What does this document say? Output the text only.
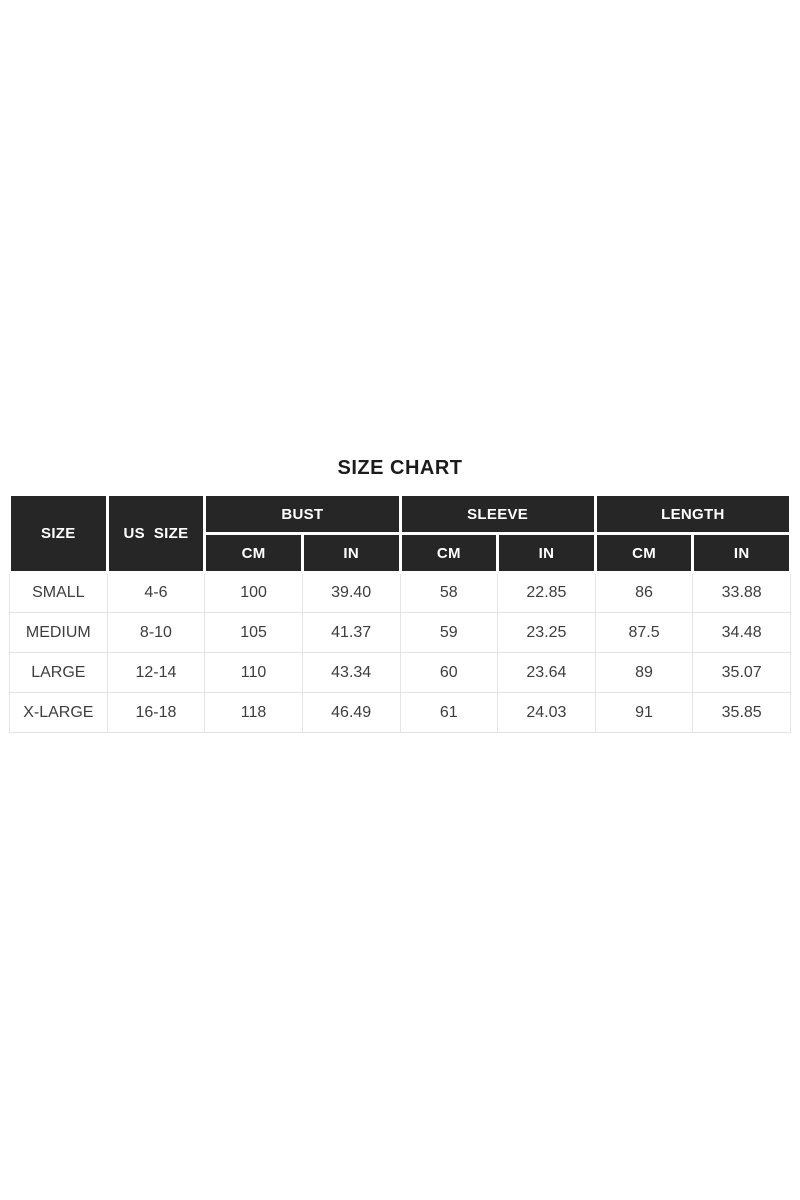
SIZE CHART
SIZE	US  SIZE	BUST		SLEEVE		LENGTH	
		CM	IN	CM	IN	CM	IN
SMALL	4-6	100	39.40	58	22.85	86	33.88
MEDIUM	8-10	105	41.37	59	23.25	87.5	34.48
LARGE	12-14	110	43.34	60	23.64	89	35.07
X-LARGE	16-18	118	46.49	61	24.03	91	35.85
